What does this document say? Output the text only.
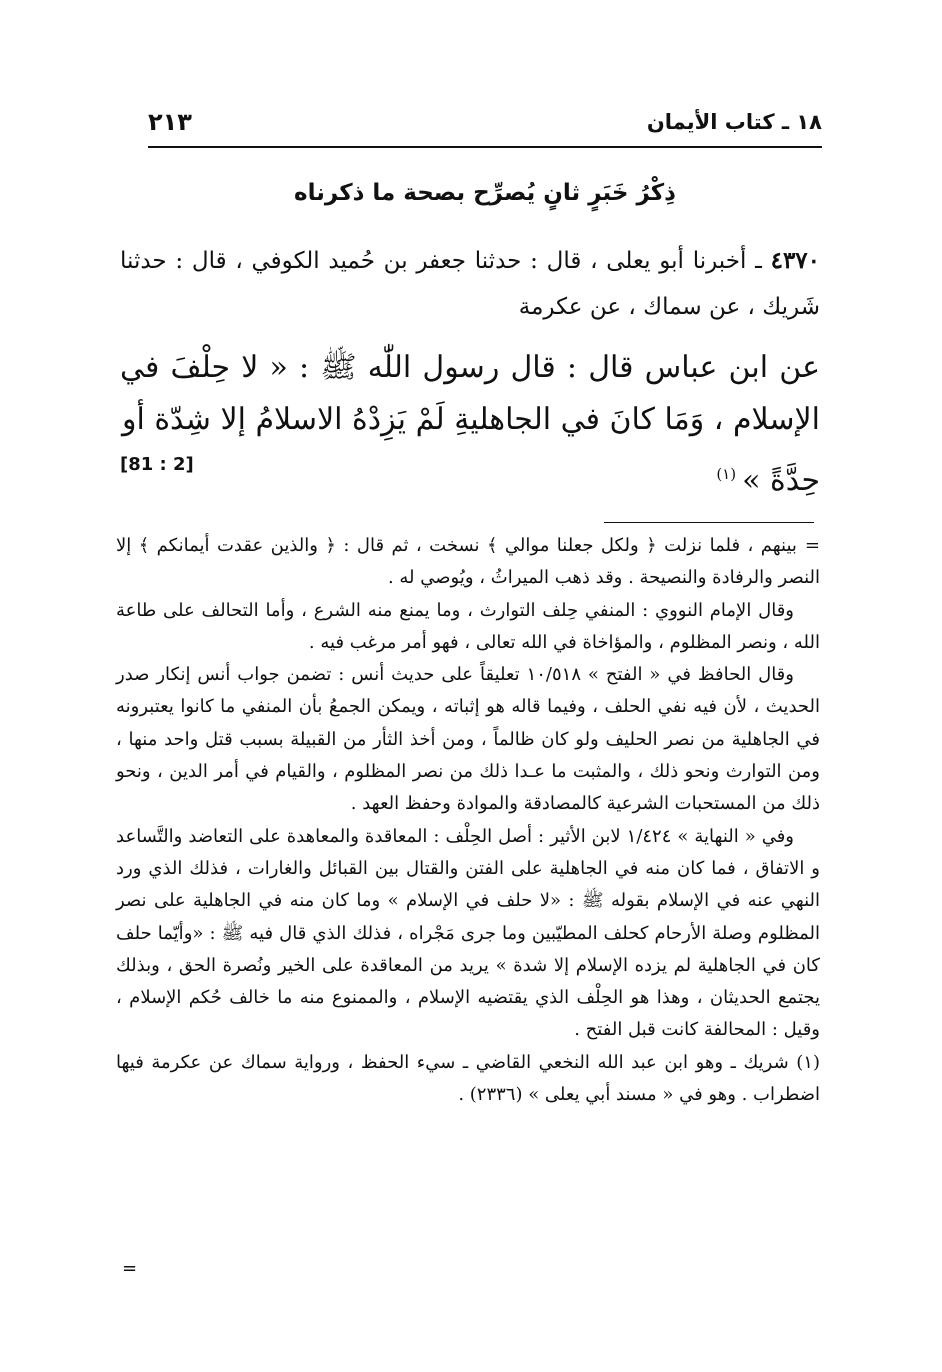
١٨ ـ كتاب الأيمان
٢١٣
ذِكْرُ خَبَرٍ ثانٍ يُصرِّح بصحة ما ذكرناه
٤٣٧٠ ـ أخبرنا أبو يعلى ، قال : حدثنا جعفر بن حُميد الكوفي ، قال : حدثنا شَريك ، عن سماك ، عن عكرمة
عن ابن عباس قال : قال رسول اللّٰه ﷺ : « لا حِلْفَ في الإسلام ، وَمَا كانَ في الجاهليةِ لَمْ يَزِدْهُ الاسلامُ إلا شِدّة أو
حِدَّةً »$^{(١)}$
[81 : 2]

=بينهم ، فلما نزلت ﴿ ولكل جعلنا موالي ﴾ نسخت ، ثم قال : ﴿ والذين عقدت أيمانكم ﴾ إلا النصر والرفادة والنصيحة . وقد ذهب الميراثُ ، ويُوصي له .

وقال الإمام النووي : المنفي حِلف التوارث ، وما يمنع منه الشرع ، وأما التحالف على طاعة الله ، ونصر المظلوم ، والمؤاخاة في الله تعالى ، فهو أمر مرغب فيه .

وقال الحافظ في « الفتح » ١٠/٥١٨ تعليقاً على حديث أنس : تضمن جواب أنس إنكار صدر الحديث ، لأن فيه نفي الحلف ، وفيما قاله هو إثباته ، ويمكن الجمعُ بأن المنفي ما كانوا يعتبرونه في الجاهلية من نصر الحليف ولو كان ظالماً ، ومن أخذ الثأر من القبيلة بسبب قتل واحد منها ، ومن التوارث ونحو ذلك ، والمثبت ما عـدا ذلك من نصر المظلوم ، والقيام في أمر الدين ، ونحو ذلك من المستحبات الشرعية كالمصادقة والموادة وحفظ العهد .

وفي « النهاية » ١/٤٢٤ لابن الأثير : أصل الحِلْف : المعاقدة والمعاهدة على التعاضد والتَّساعد و الاتفاق ، فما كان منه في الجاهلية على الفتن والقتال بين القبائل والغارات ، فذلك الذي ورد النهي عنه في الإسلام بقوله ﷺ : «لا حلف في الإسلام » وما كان منه في الجاهلية على نصر المظلوم وصلة الأرحام كحلف المطيّبين وما جرى مَجْراه ، فذلك الذي قال فيه ﷺ : «وأيّما حلف كان في الجاهلية لم يزده الإسلام إلا شدة » يريد من المعاقدة على الخير ونُصرة الحق ، وبذلك يجتمع الحديثان ، وهذا هو الحِلْف الذي يقتضيه الإسلام ، والممنوع منه ما خالف حُكم الإسلام ، وقيل : المحالفة كانت قبل الفتح .

(١) شريك ـ وهو ابن عبد الله النخعي القاضي ـ سيء الحفظ ، ورواية سماك عن عكرمة فيها اضطراب . وهو في « مسند أبي يعلى » (٢٣٣٦) .

=
